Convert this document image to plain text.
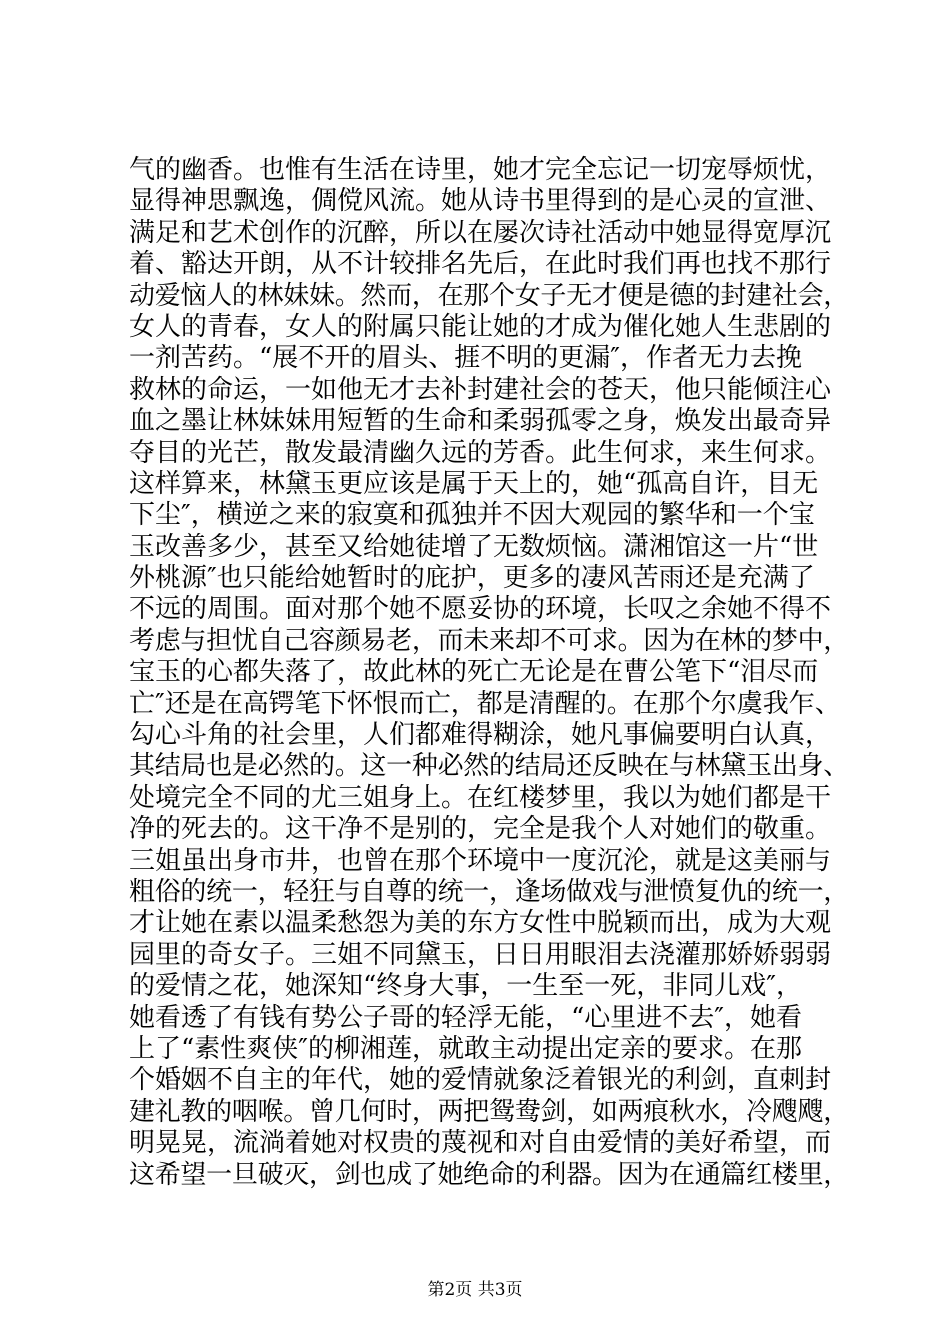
气的幽香。也惟有生活在诗里，她才完全忘记一切宠辱烦忧，
显得神思飘逸，倜傥风流。她从诗书里得到的是心灵的宣泄、
满足和艺术创作的沉醉，所以在屡次诗社活动中她显得宽厚沉
着、豁达开朗，从不计较排名先后，在此时我们再也找不那行
动爱恼人的林妹妹。然而，在那个女子无才便是德的封建社会，
女人的青春，女人的附属只能让她的才成为催化她人生悲剧的
一剂苦药。“展不开的眉头、捱不明的更漏″，作者无力去挽
救林的命运，一如他无才去补封建社会的苍天，他只能倾注心
血之墨让林妹妹用短暂的生命和柔弱孤零之身，焕发出最奇异
夺目的光芒，散发最清幽久远的芳香。此生何求，来生何求。
这样算来，林黛玉更应该是属于天上的，她“孤高自许，目无
下尘″，横逆之来的寂寞和孤独并不因大观园的繁华和一个宝
玉改善多少，甚至又给她徒增了无数烦恼。潇湘馆这一片“世
外桃源″也只能给她暂时的庇护，更多的凄风苦雨还是充满了
不远的周围。面对那个她不愿妥协的环境，长叹之余她不得不
考虑与担忧自己容颜易老，而未来却不可求。因为在林的梦中，
宝玉的心都失落了，故此林的死亡无论是在曹公笔下“泪尽而
亡″还是在高锷笔下怀恨而亡，都是清醒的。在那个尔虞我乍、
勾心斗角的社会里，人们都难得糊涂，她凡事偏要明白认真，
其结局也是必然的。这一种必然的结局还反映在与林黛玉出身、
处境完全不同的尤三姐身上。在红楼梦里，我以为她们都是干
净的死去的。这干净不是别的，完全是我个人对她们的敬重。
三姐虽出身市井，也曾在那个环境中一度沉沦，就是这美丽与
粗俗的统一，轻狂与自尊的统一，逢场做戏与泄愤复仇的统一，
才让她在素以温柔愁怨为美的东方女性中脱颖而出，成为大观
园里的奇女子。三姐不同黛玉，日日用眼泪去浇灌那娇娇弱弱
的爱情之花，她深知“终身大事，一生至一死，非同儿戏″，
她看透了有钱有势公子哥的轻浮无能，“心里进不去″，她看
上了“素性爽侠″的柳湘莲，就敢主动提出定亲的要求。在那
个婚姻不自主的年代，她的爱情就象泛着银光的利剑，直刺封
建礼教的咽喉。曾几何时，两把鸳鸯剑，如两痕秋水，冷飕飕，
明晃晃，流淌着她对权贵的蔑视和对自由爱情的美好希望，而
这希望一旦破灭，剑也成了她绝命的利器。因为在通篇红楼里，
第2页 共3页
